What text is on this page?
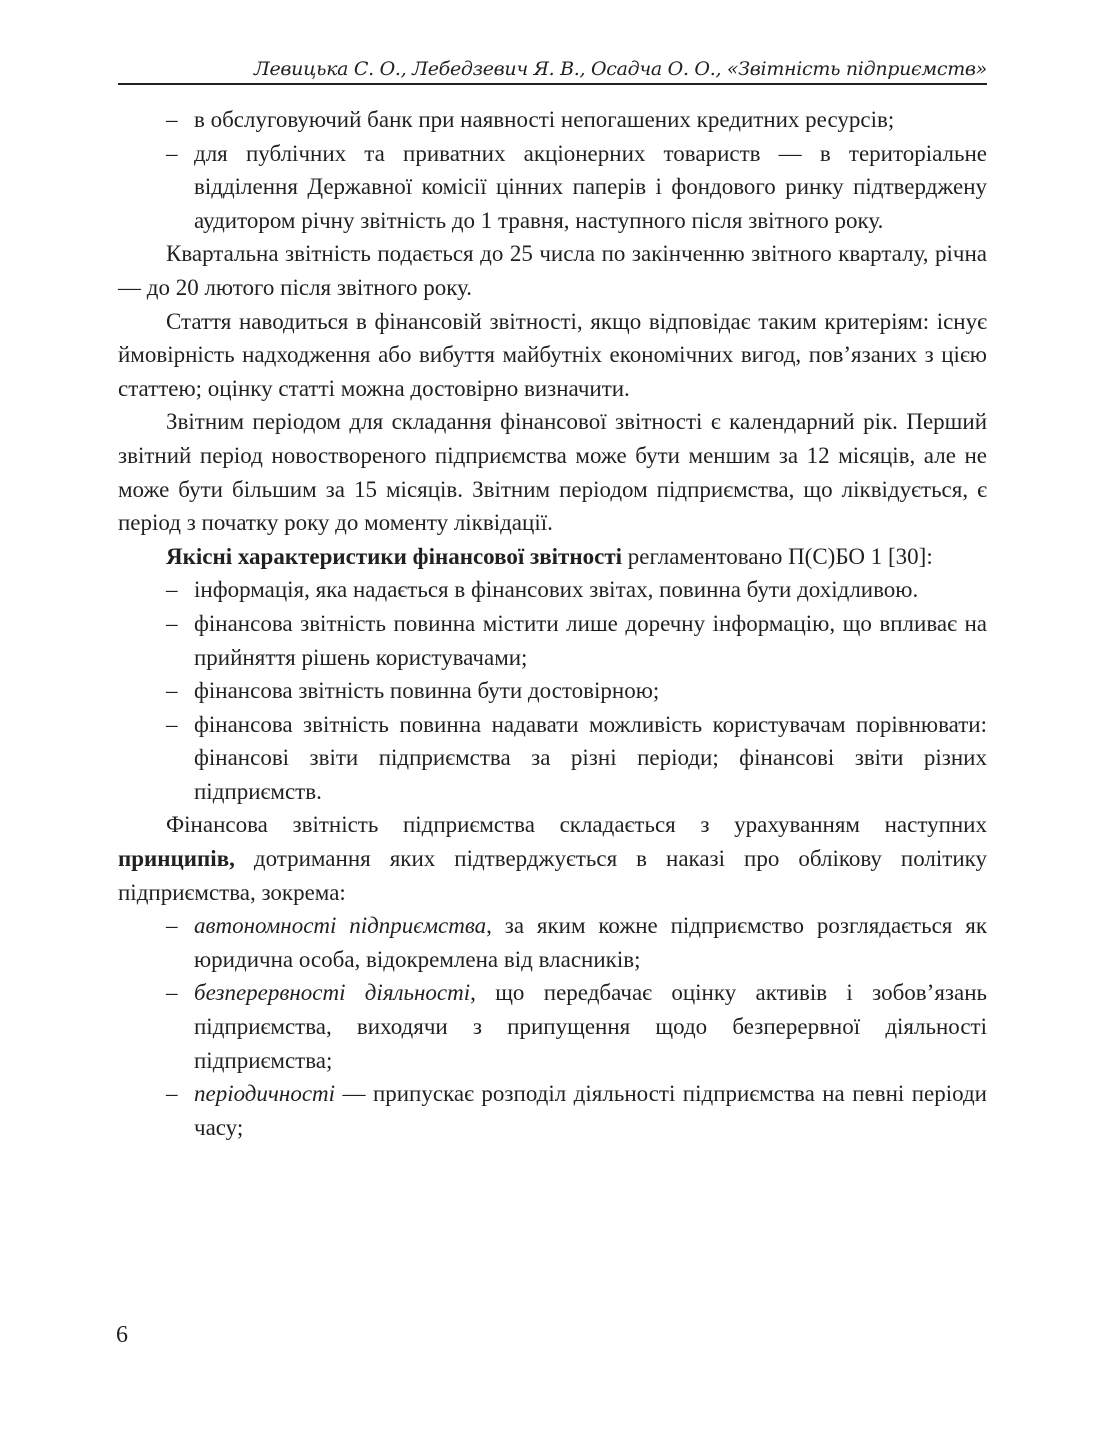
Левицька С. О., Лебедзевич Я. В., Осадча О. О., «Звітність підприємств»

– в обслуговуючий банк при наявності непогашених кредитних ресурсів;

– для публічних та приватних акціонерних товариств — в територіальне відділення Державної комісії цінних паперів і фондового ринку підтверджену аудитором річну звітність до 1 травня, наступного після звітного року.

Квартальна звітність подається до 25 числа по закінченню звітного кварталу, річна — до 20 лютого після звітного року.

Стаття наводиться в фінансовій звітності, якщо відповідає таким критеріям: існує ймовірність надходження або вибуття майбутніх економічних вигод, пов’язаних з цією статтею; оцінку статті можна достовірно визначити.

Звітним періодом для складання фінансової звітності є календарний рік. Перший звітний період новоствореного підприємства може бути меншим за 12 місяців, але не може бути більшим за 15 місяців. Звітним періодом підприємства, що ліквідується, є період з початку року до моменту ліквідації.

Якісні характеристики фінансової звітності регламентовано П(С)БО 1 [30]:

– інформація, яка надається в фінансових звітах, повинна бути дохідливою.

– фінансова звітність повинна містити лише доречну інформацію, що впливає на прийняття рішень користувачами;

– фінансова звітність повинна бути достовірною;

– фінансова звітність повинна надавати можливість користувачам порівнювати: фінансові звіти підприємства за різні періоди; фінансові звіти різних підприємств.

Фінансова звітність підприємства складається з урахуванням наступних принципів, дотримання яких підтверджується в наказі про облікову політику підприємства, зокрема:

– автономності підприємства, за яким кожне підприємство розглядається як юридична особа, відокремлена від власників;

– безперервності діяльності, що передбачає оцінку активів і зобов’язань підприємства, виходячи з припущення щодо безперервної діяльності підприємства;

– періодичності — припускає розподіл діяльності підприємства на певні періоди часу;

6
